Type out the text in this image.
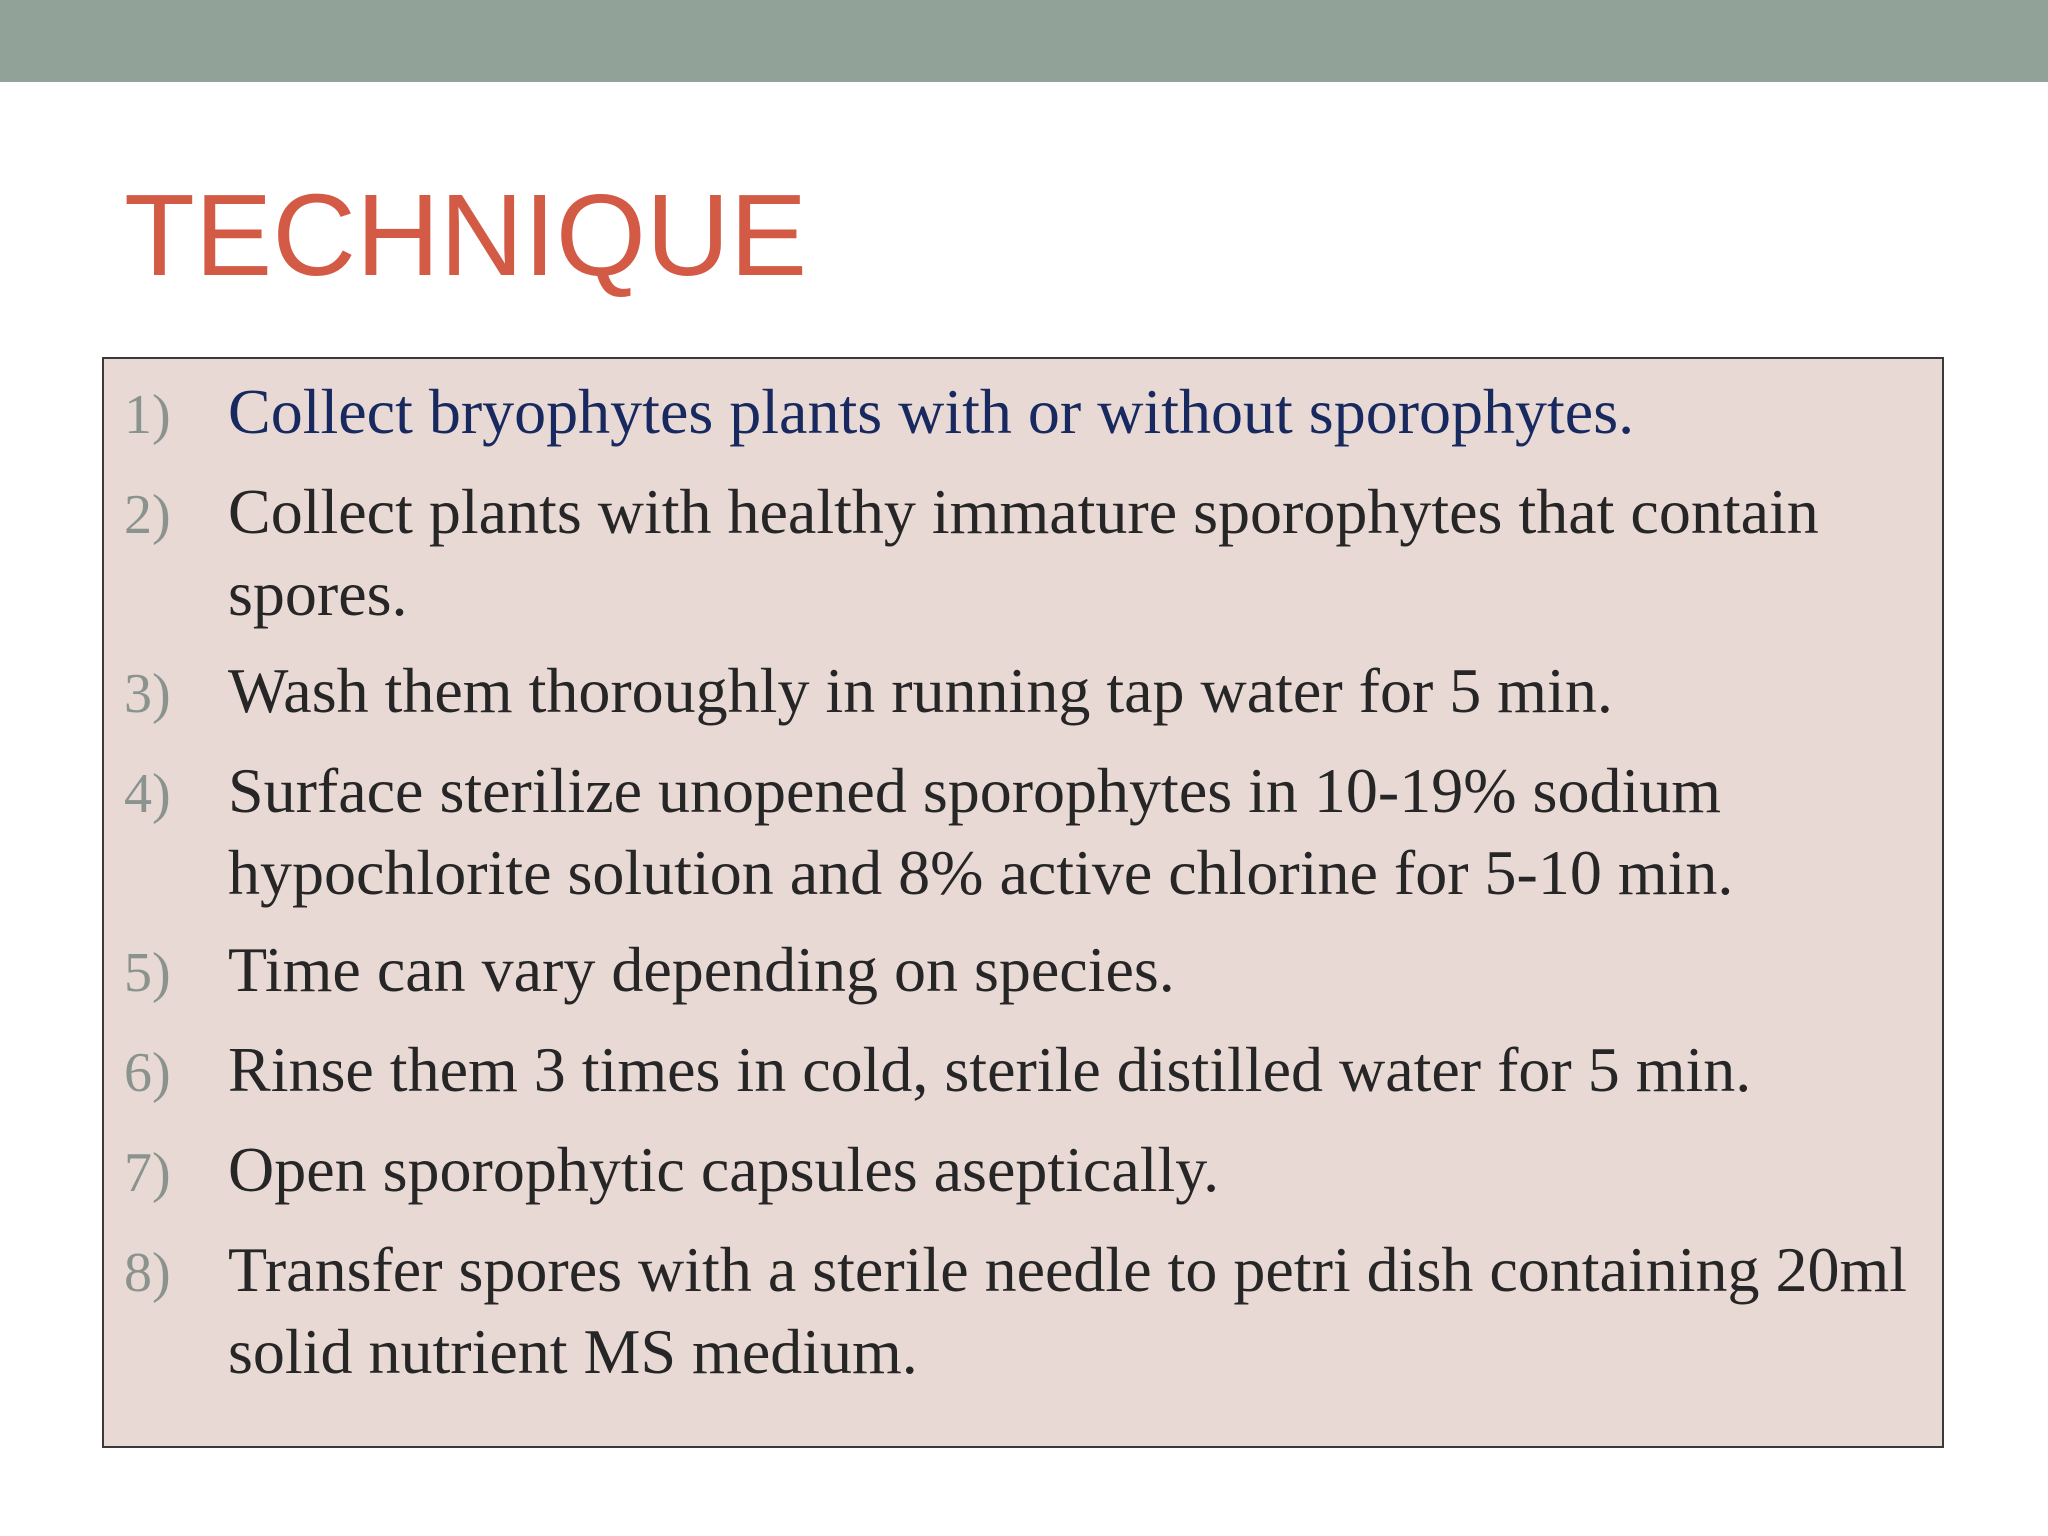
TECHNIQUE
1) Collect bryophytes plants with or without sporophytes.
2) Collect plants with healthy immature sporophytes that contain spores.
3) Wash them thoroughly in running tap water for 5 min.
4) Surface sterilize unopened sporophytes in 10-19% sodium hypochlorite solution and 8% active chlorine for 5-10 min.
5) Time can vary depending on species.
6) Rinse them 3 times in cold, sterile distilled water for 5 min.
7) Open sporophytic capsules aseptically.
8) Transfer spores with a sterile needle to petri dish containing 20ml solid nutrient MS medium.
